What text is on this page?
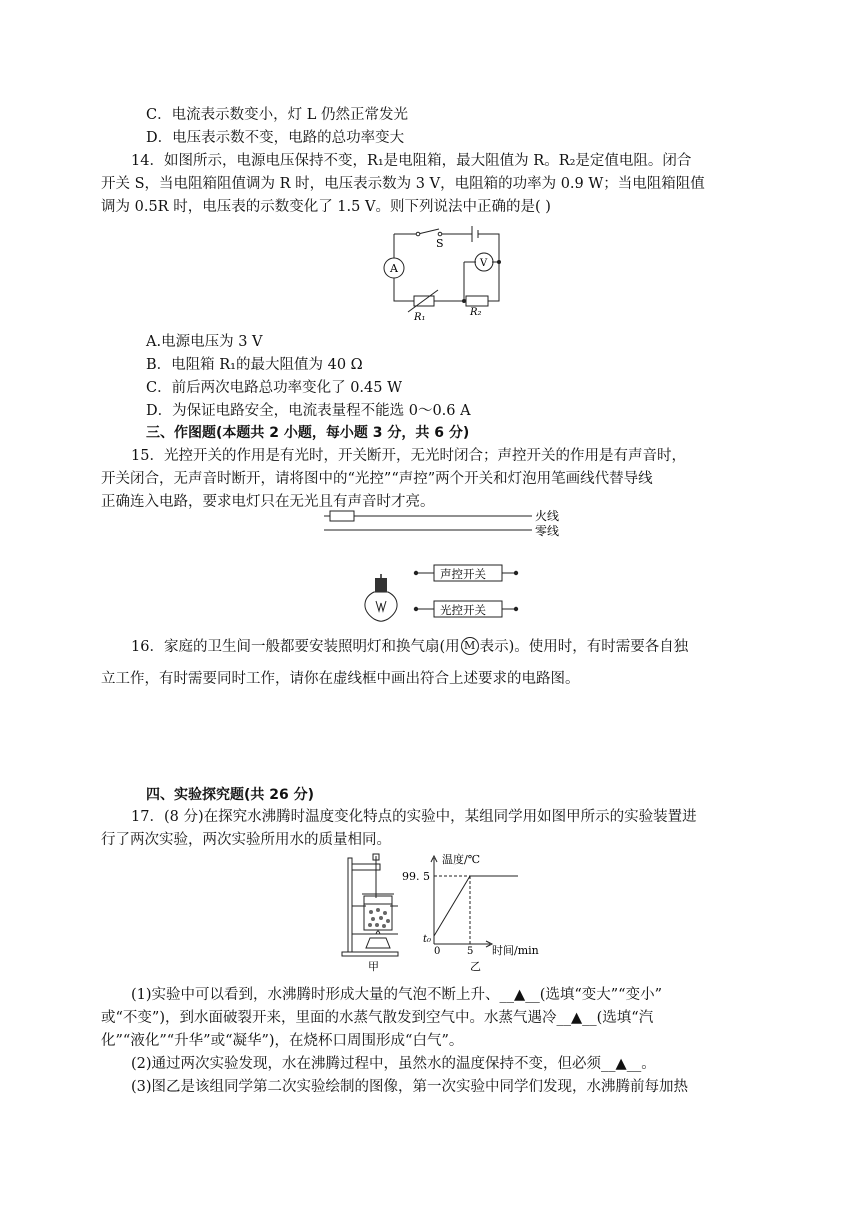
C．电流表示数变小，灯 L 仍然正常发光
D．电压表示数不变，电路的总功率变大
14．如图所示，电源电压保持不变，R₁是电阻箱，最大阻值为 R。R₂是定值电阻。闭合
开关 S，当电阻箱阻值调为 R 时，电压表示数为 3 V，电阻箱的功率为 0.9 W；当电阻箱阻值
调为 0.5R 时，电压表的示数变化了 1.5 V。则下列说法中正确的是( )
S
A	V
R₁	R₂
A.电源电压为 3 V
B．电阻箱 R₁的最大阻值为 40 Ω
C．前后两次电路总功率变化了 0.45 W
D．为保证电路安全，电流表量程不能选 0～0.6 A
三、作图题(本题共 2 小题，每小题 3 分，共 6 分)
15．光控开关的作用是有光时，开关断开，无光时闭合；声控开关的作用是有声音时，
开关闭合，无声音时断开，请将图中的“光控”“声控”两个开关和灯泡用笔画线代替导线
正确连入电路，要求电灯只在无光且有声音时才亮。
火线
零线
声控开关
光控开关
16．家庭的卫生间一般都要安装照明灯和换气扇(用 M 表示)。使用时，有时需要各自独
立工作，有时需要同时工作，请你在虚线框中画出符合上述要求的电路图。
四、实验探究题(共 26 分)
17．(8 分)在探究水沸腾时温度变化特点的实验中，某组同学用如图甲所示的实验装置进
行了两次实验，两次实验所用水的质量相同。
甲
温度/℃
99. 5
t₀
0	5 时间/min
乙
(1)实验中可以看到，水沸腾时形成大量的气泡不断上升、__▲__(选填“变大”“变小”
或“不变”)，到水面破裂开来，里面的水蒸气散发到空气中。水蒸气遇冷__▲__(选填“汽
化”“液化”“升华”或“凝华”)，在烧杯口周围形成“白气”。
(2)通过两次实验发现，水在沸腾过程中，虽然水的温度保持不变，但必须__▲__。
(3)图乙是该组同学第二次实验绘制的图像，第一次实验中同学们发现，水沸腾前每加热
